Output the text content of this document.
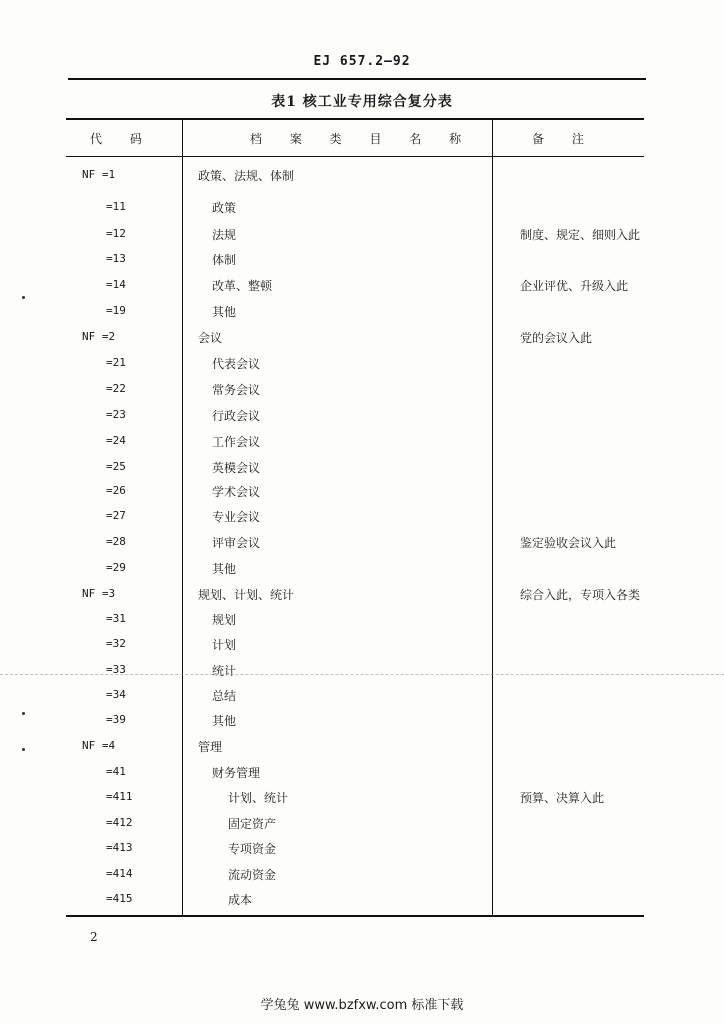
EJ 657.2—92
表1 核工业专用综合复分表
代 码	档 案 类 目 名 称	备 注
NF =1	政策、法规、体制
=11	政策
=12	法规	制度、规定、细则入此
=13	体制
=14	改革、整顿	企业评优、升级入此
=19	其他
NF =2	会议	党的会议入此
=21	代表会议
=22	常务会议
=23	行政会议
=24	工作会议
=25	英模会议
=26	学术会议
=27	专业会议
=28	评审会议	鉴定验收会议入此
=29	其他
NF =3	规划、计划、统计	综合入此，专项入各类
=31	规划
=32	计划
=33	统计
=34	总结
=39	其他
NF =4	管理
=41	财务管理
=411	计划、统计	预算、决算入此
=412	固定资产
=413	专项资金
=414	流动资金
=415	成本
2
学兔兔 www.bzfxw.com 标准下载
